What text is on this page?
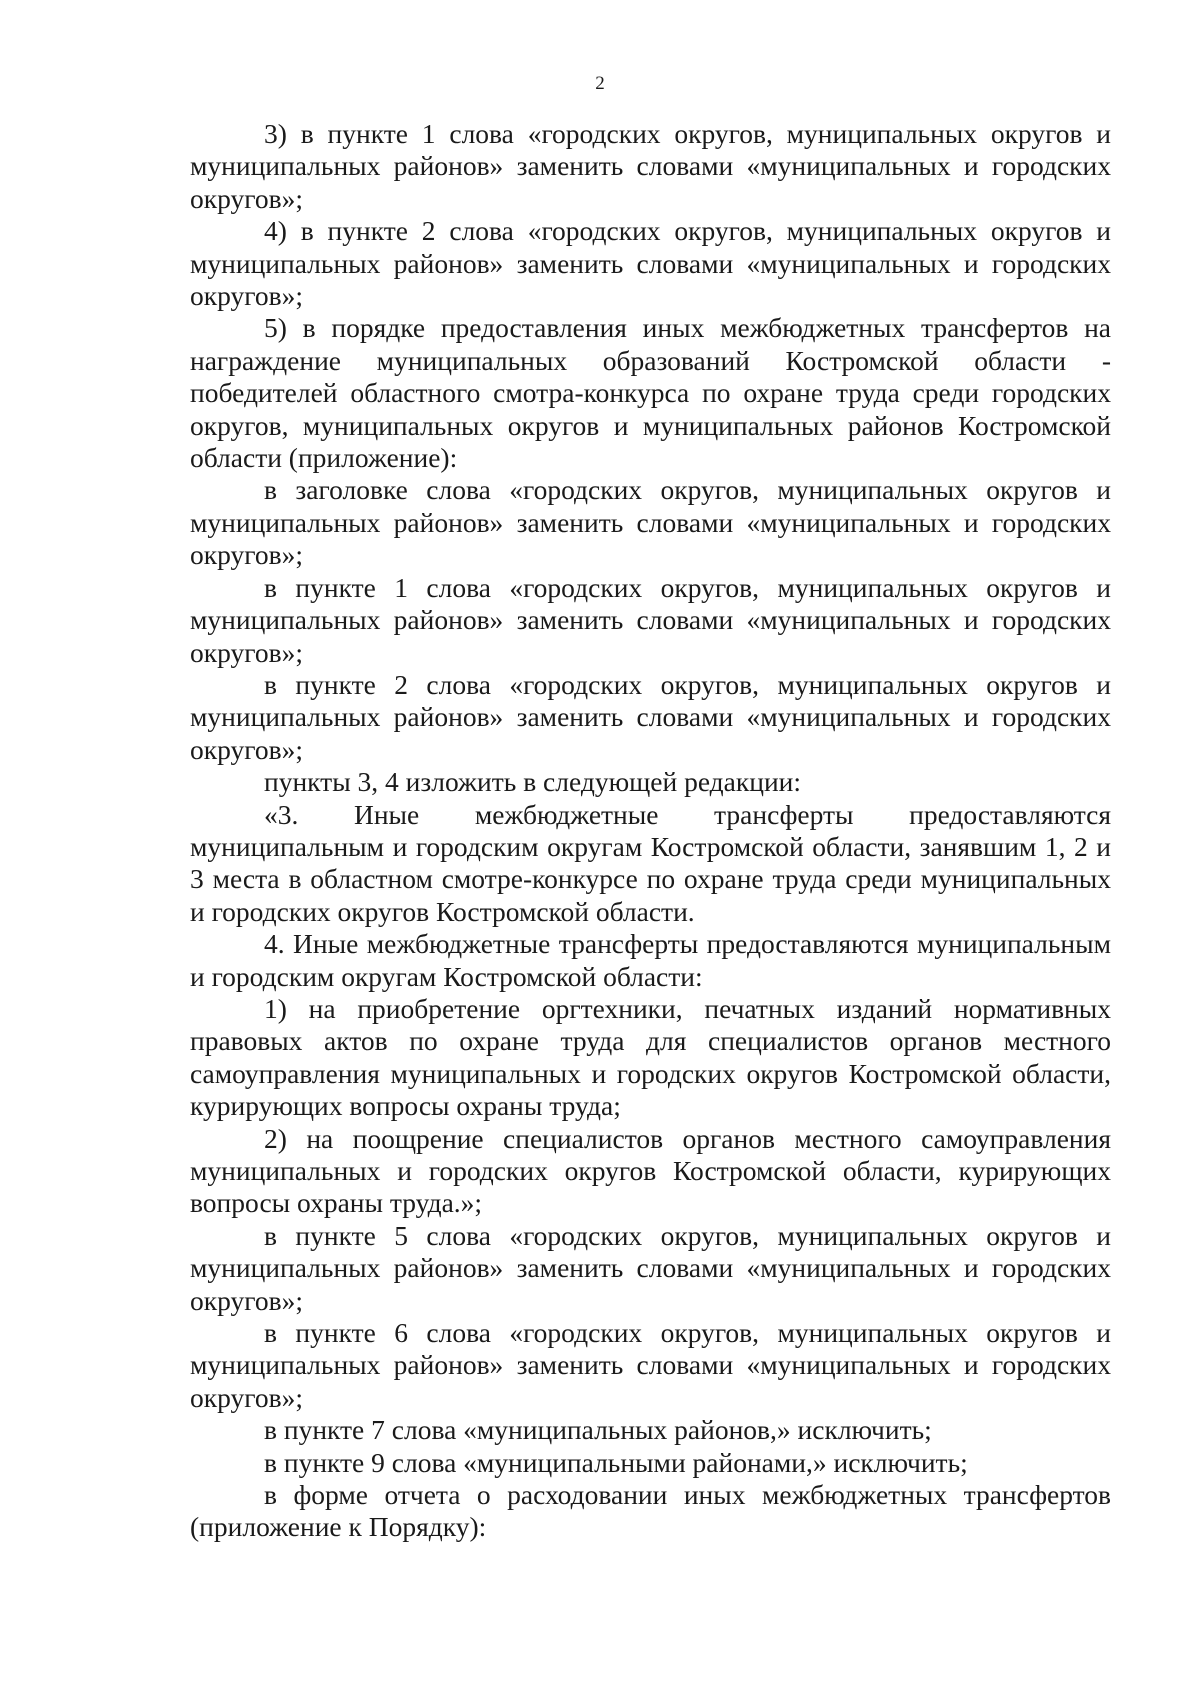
2

3) в пункте 1 слова «городских округов, муниципальных округов и муниципальных районов» заменить словами «муниципальных и городских округов»;

4) в пункте 2 слова «городских округов, муниципальных округов и муниципальных районов» заменить словами «муниципальных и городских округов»;

5) в порядке предоставления иных межбюджетных трансфертов на награждение муниципальных образований Костромской области - победителей областного смотра-конкурса по охране труда среди городских округов, муниципальных округов и муниципальных районов Костромской области (приложение):

в заголовке слова «городских округов, муниципальных округов и муниципальных районов» заменить словами «муниципальных и городских округов»;

в пункте 1 слова «городских округов, муниципальных округов и муниципальных районов» заменить словами «муниципальных и городских округов»;

в пункте 2 слова «городских округов, муниципальных округов и муниципальных районов» заменить словами «муниципальных и городских округов»;

пункты 3, 4 изложить в следующей редакции:

«3. Иные межбюджетные трансферты предоставляются муниципальным и городским округам Костромской области, занявшим 1, 2 и 3 места в областном смотре-конкурсе по охране труда среди муниципальных и городских округов Костромской области.

4. Иные межбюджетные трансферты предоставляются муниципальным и городским округам Костромской области:

1) на приобретение оргтехники, печатных изданий нормативных правовых актов по охране труда для специалистов органов местного самоуправления муниципальных и городских округов Костромской области, курирующих вопросы охраны труда;

2) на поощрение специалистов органов местного самоуправления муниципальных и городских округов Костромской области, курирующих вопросы охраны труда.»;

в пункте 5 слова «городских округов, муниципальных округов и муниципальных районов» заменить словами «муниципальных и городских округов»;

в пункте 6 слова «городских округов, муниципальных округов и муниципальных районов» заменить словами «муниципальных и городских округов»;

в пункте 7 слова «муниципальных районов,» исключить;

в пункте 9 слова «муниципальными районами,» исключить;

в форме отчета о расходовании иных межбюджетных трансфертов (приложение к Порядку):
